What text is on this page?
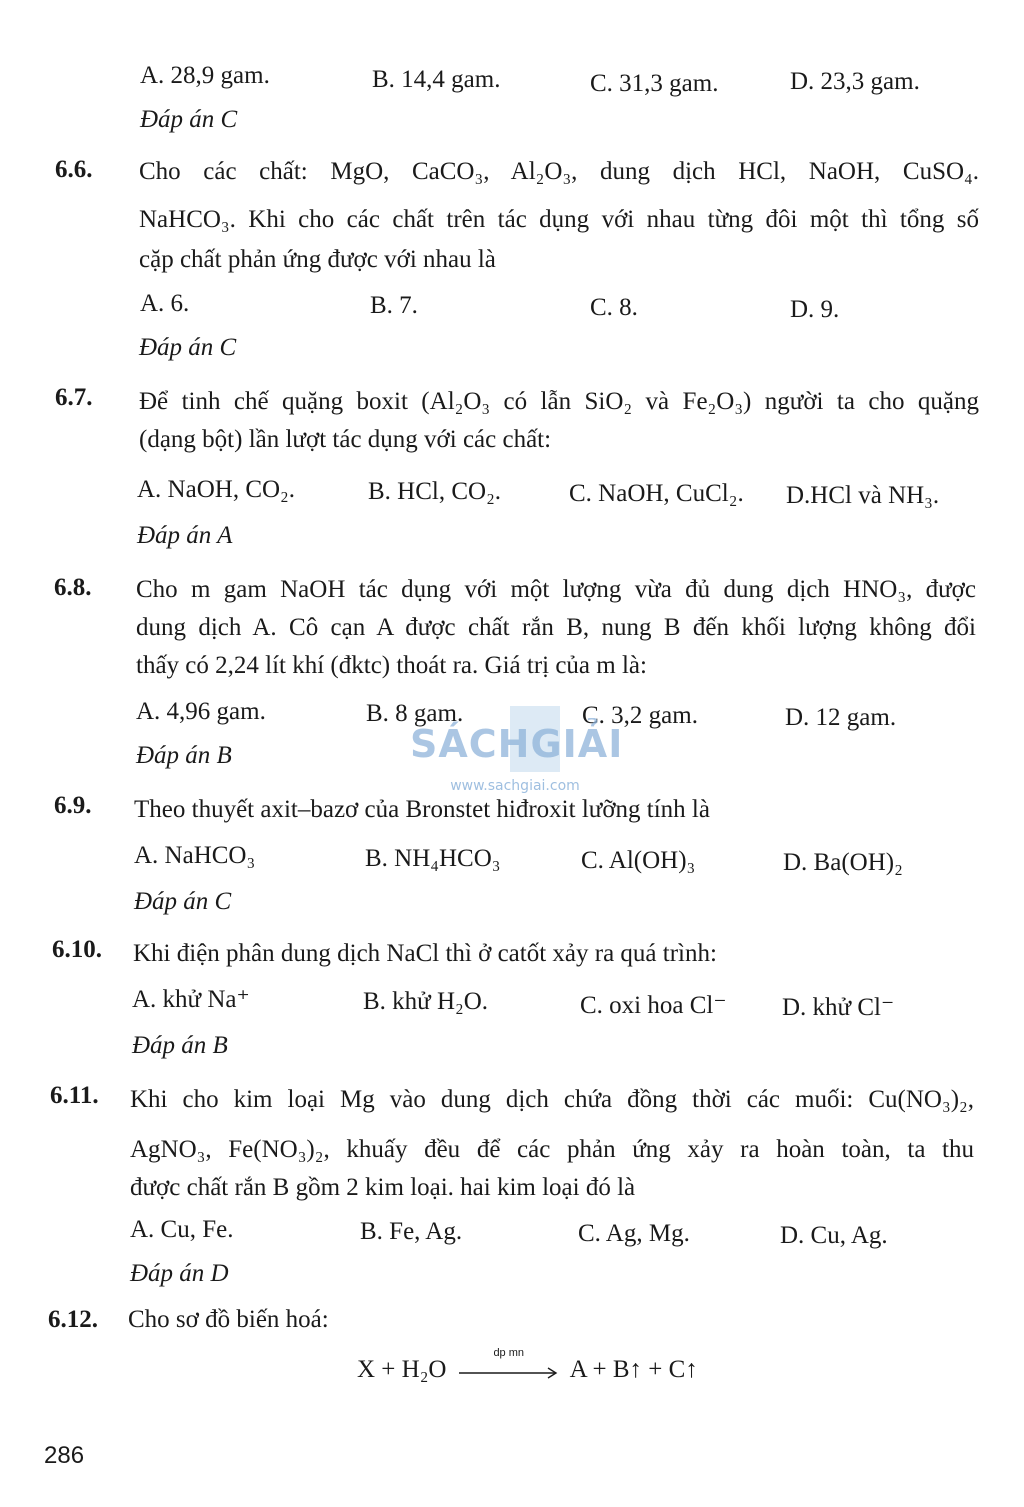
A. 28,9 gam.	B. 14,4 gam.	C. 31,3 gam.	D. 23,3 gam.
Đáp án C
6.6. Cho các chất: MgO, CaCO₃, Al₂O₃, dung dịch HCl, NaOH, CuSO₄.
NaHCO₃. Khi cho các chất trên tác dụng với nhau từng đôi một thì tổng số
cặp chất phản ứng được với nhau là
A. 6.	B. 7.	C. 8.	D. 9.
Đáp án C
6.7. Để tinh chế quặng boxit (Al₂O₃ có lẫn SiO₂ và Fe₂O₃) người ta cho quặng
(dạng bột) lần lượt tác dụng với các chất:
A. NaOH, CO₂.	B. HCl, CO₂.	C. NaOH, CuCl₂. D.HCl và NH₃.
Đáp án A
6.8. Cho m gam NaOH tác dụng với một lượng vừa đủ dung dịch HNO₃, được
dung dịch A. Cô cạn A được chất rắn B, nung B đến khối lượng không đổi
thấy có 2,24 lít khí (đktc) thoát ra. Giá trị của m là:
A. 4,96 gam.	B. 8 gam.	C. 3,2 gam.	D. 12 gam.
Đáp án B	SÁCHGIẢI
www.sachgiai.com
6.9. Theo thuyết axit–bazơ của Bronstet hiđroxit lưỡng tính là
A. NaHCO₃	B. NH₄HCO₃	C. Al(OH)₃	D. Ba(OH)₂
Đáp án C
6.10. Khi điện phân dung dịch NaCl thì ở catốt xảy ra quá trình:
A. khử Na⁺	B. khử H₂O.	C. oxi hoa Cl⁻ D. khử Cl⁻
Đáp án B
6.11. Khi cho kim loại Mg vào dung dịch chứa đồng thời các muối: Cu(NO₃)₂,
AgNO₃, Fe(NO₃)₂, khuấy đều để các phản ứng xảy ra hoàn toàn, ta thu
được chất rắn B gồm 2 kim loại. hai kim loại đó là
A. Cu, Fe.	B. Fe, Ag.	C. Ag, Mg.	D. Cu, Ag.
Đáp án D
6.12. Cho sơ đồ biến hoá:
X + H₂O
dp mn
A + B↑ + C↑
286
